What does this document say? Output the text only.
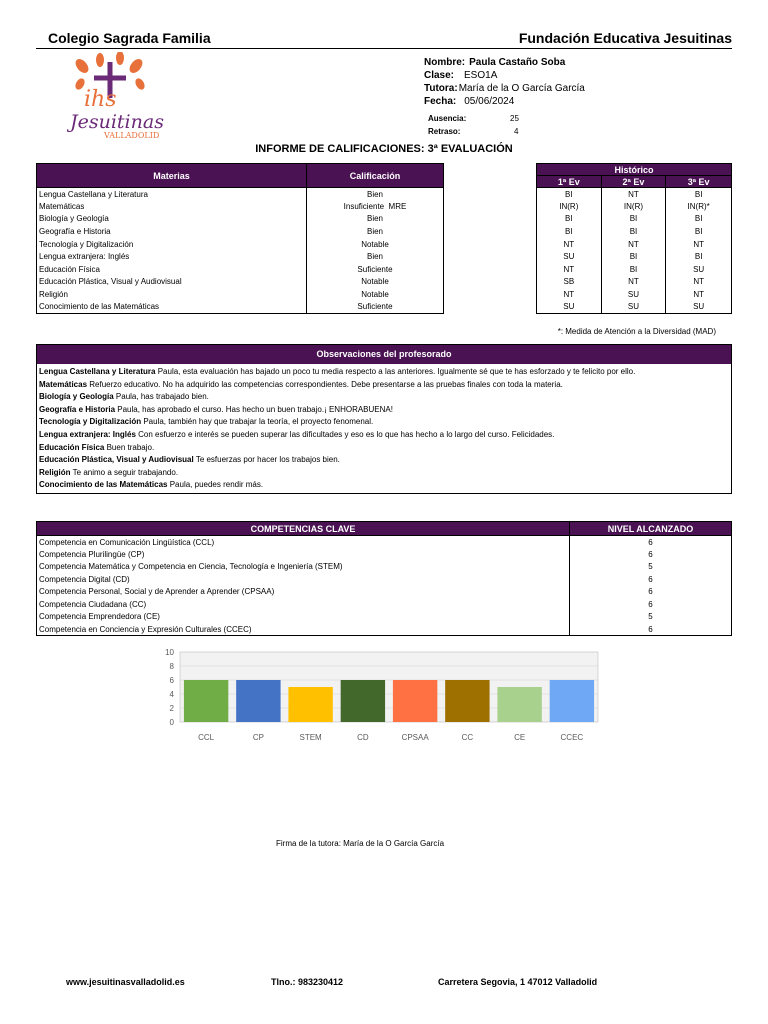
Colegio Sagrada Familia	Fundación Educativa Jesuitinas
ihs
Jesuitinas
VALLADOLID
Nombre: Paula Castaño Soba
Clase: ESO1A
Tutora: María de la O García García
Fecha: 05/06/2024
Ausencia:	25
Retraso:	4
INFORME DE CALIFICACIONES: 3ª EVALUACIÓN
Materias	Calificación
Lengua Castellana y Literatura	Bien
Matemáticas	Insuficiente  MRE
Biología y Geología	Bien
Geografía e Historia	Bien
Tecnología y Digitalización	Notable
Lengua extranjera: Inglés	Bien
Educación Física	Suficiente
Educación Plástica, Visual y Audiovisual	Notable
Religión	Notable
Conocimiento de las Matemáticas	Suficiente
Histórico		
1ª Ev	2ª Ev	3ª Ev
BI	NT	BI
IN(R)	IN(R)	IN(R)*
BI	BI	BI
BI	BI	BI
NT	NT	NT
SU	BI	BI
NT	BI	SU
SB	NT	NT
NT	SU	NT
SU	SU	SU
*: Medida de Atención a la Diversidad (MAD)
Observaciones del profesorado
Lengua Castellana y Literatura Paula, esta evaluación has bajado un poco tu media respecto a las anteriores. Igualmente sé que te has esforzado y te felicito por ello.
Matemáticas Refuerzo educativo. No ha adquirido las competencias correspondientes. Debe presentarse a las pruebas finales con toda la materia.
Biología y Geología Paula, has trabajado bien.
Geografía e Historia Paula, has aprobado el curso. Has hecho un buen trabajo.¡ ENHORABUENA!
Tecnología y Digitalización Paula, también hay que trabajar la teoría, el proyecto fenomenal.
Lengua extranjera: Inglés Con esfuerzo e interés se pueden superar las dificultades y eso es lo que has hecho a lo largo del curso. Felicidades.
Educación Física Buen trabajo.
Educación Plástica, Visual y Audiovisual Te esfuerzas por hacer los trabajos bien.
Religión Te animo a seguir trabajando.
Conocimiento de las Matemáticas Paula, puedes rendir más.
COMPETENCIAS CLAVE	NIVEL ALCANZADO
Competencia en Comunicación Lingüística (CCL)	6
Competencia Plurilingüe (CP)	6
Competencia Matemática y Competencia en Ciencia, Tecnología e Ingeniería (STEM)	5
Competencia Digital (CD)	6
Competencia Personal, Social y de Aprender a Aprender (CPSAA)	6
Competencia Ciudadana (CC)	6
Competencia Emprendedora (CE)	5
Competencia en Conciencia y Expresión Culturales (CCEC)	6
0
2
4
6
8
10
CCL	CP	STEM	CD	CPSAA	CC	CE	CCEC
Firma de la tutora: María de la O García García
www.jesuitinasvalladolid.es	Tlno.: 983230412	Carretera Segovia, 1 47012 Valladolid
